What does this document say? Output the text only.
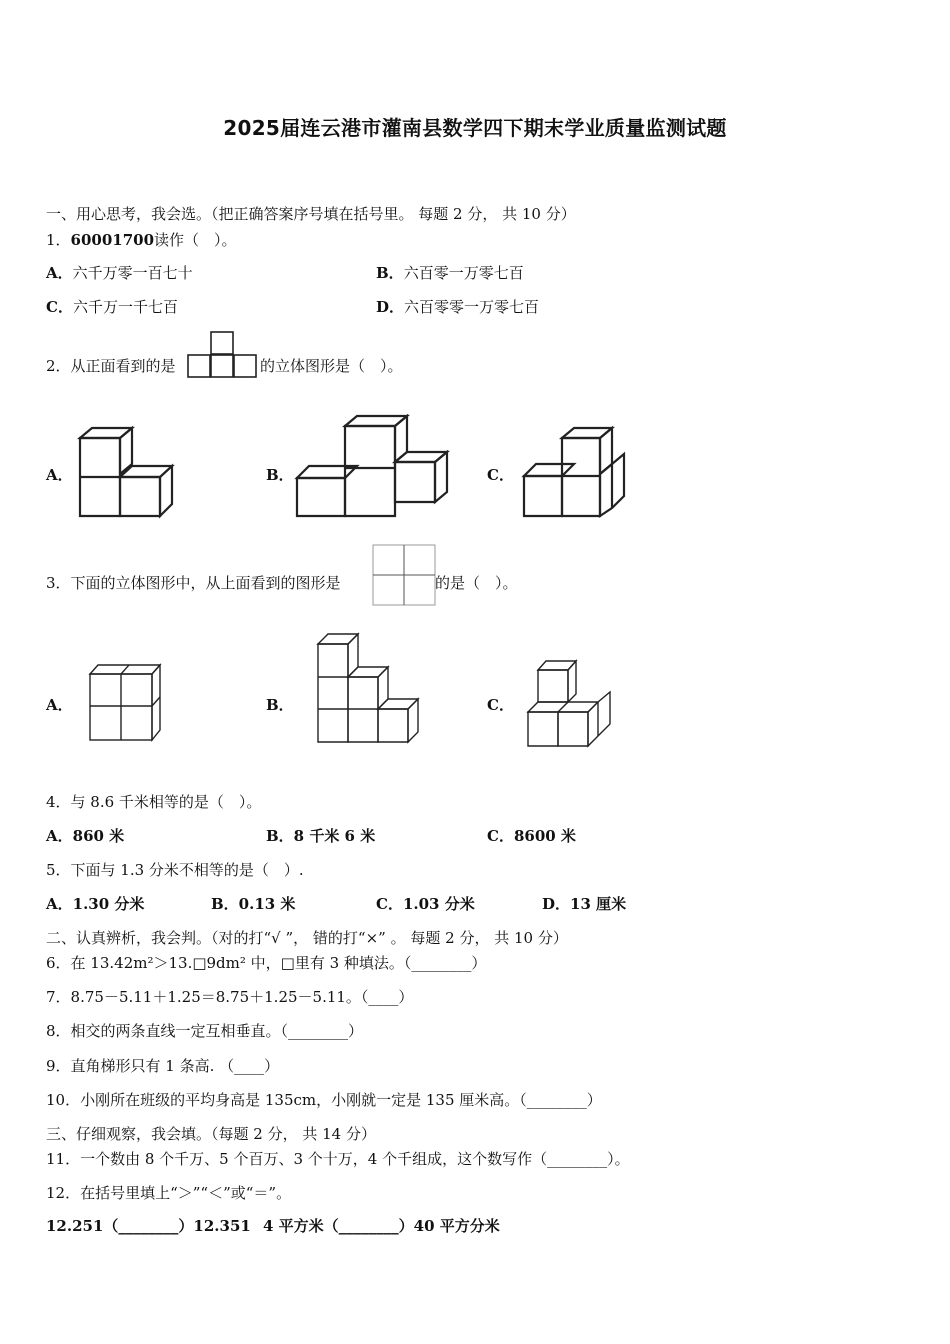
2025届连云港市灌南县数学四下期末学业质量监测试题
一、用心思考，我会选。（把正确答案序号填在括号里。 每题 2 分， 共 10 分）
1．60001700读作（　）。
A．六千万零一百七十	B．六百零一万零七百
C．六千万一千七百	D．六百零零一万零七百
2．从正面看到的是	的立体图形是（　）。
A．	B．	C．
3．下面的立体图形中，从上面看到的图形是	的是（　）。
A．	B．	C．
4．与 8.6 千米相等的是（　）。
A．860 米	B．8 千米 6 米	C．8600 米
5．下面与 1.3 分米不相等的是（　）.
A．1.30 分米	B．0.13 米	C．1.03 分米	D．13 厘米
二、认真辨析，我会判。（对的打“√ ”， 错的打“×” 。 每题 2 分， 共 10 分）
6．在 13.42m²＞13.□9dm² 中，□里有 3 种填法。（________）
7．8.75－5.11＋1.25＝8.75＋1.25－5.11。（____）
8．相交的两条直线一定互相垂直。（________）
9．直角梯形只有 1 条高. （____）
10．小刚所在班级的平均身高是 135cm，小刚就一定是 135 厘米高。（________）
三、仔细观察，我会填。（每题 2 分， 共 14 分）
11．一个数由 8 个千万、5 个百万、3 个十万，4 个千组成，这个数写作（________）。
12．在括号里填上“＞”“＜”或“＝”。
12.251（________）12.351 4 平方米（________）40 平方分米
